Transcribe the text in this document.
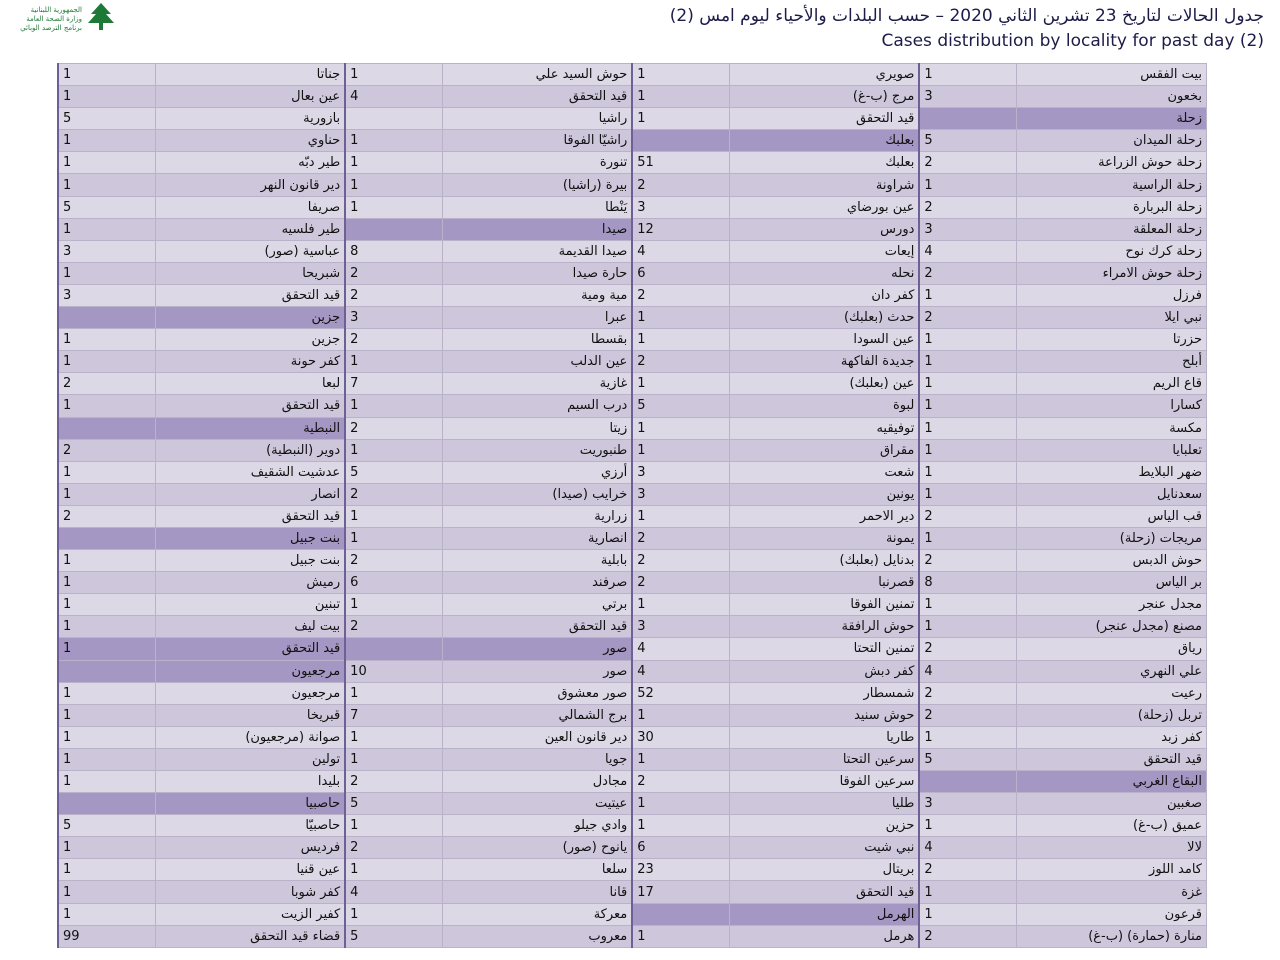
الجمهورية اللبنانية
وزارة الصحة العامة
برنامج الترصد الوبائي
جدول الحالات لتاريخ 23 تشرين الثاني 2020 – حسب البلدات والأحياء ليوم امس (2)
Cases distribution by locality for past day (2)
بيت الفقس	1	صويري	1	حوش السيد علي	1	جناتا	1
بخعون	3	مرج (ب-غ)	1	قيد التحقق	4	عين بعال	1
زحلة		قيد التحقق	1	راشيا		بازورية	5
زحلة الميدان	5	بعلبك		راشيّا الفوقا	1	حناوي	1
زحلة حوش الزراعة	2	بعلبك	51	تنورة	1	طير دبّه	1
زحلة الراسية	1	شراونة	2	بيرة (راشيا)	1	دير قانون النهر	1
زحلة البربارة	2	عين بورضاي	3	يَنْطا	1	صريفا	5
زحلة المعلقة	3	دورس	12	صيدا		طير فلسيه	1
زحلة كرك نوح	4	إيعات	4	صيدا القديمة	8	عباسية (صور)	3
زحلة حوش الامراء	2	نحله	6	حارة صيدا	2	شبريحا	1
فرزل	1	كفر دان	2	مية ومية	2	قيد التحقق	3
نبي ايلا	2	حدث (بعلبك)	1	عبرا	3	جزين	
حزرتا	1	عين السودا	1	بقسطا	2	جزين	1
أبلح	1	جديدة الفاكهة	2	عين الدلب	1	كفر حونة	1
قاع الريم	1	عين (بعلبك)	1	غازية	7	لبعا	2
كسارا	1	لبوة	5	درب السيم	1	قيد التحقق	1
مكسة	1	توفيقيه	1	زيتا	2	النبطية	
تعلبايا	1	مقراق	1	طنبوريت	1	دوير (النبطية)	2
ضهر البلايط	1	شعت	3	أرزي	5	عدشيت الشقيف	1
سعدنايل	1	يونين	3	خرايب (صيدا)	2	انصار	1
قب الياس	2	دير الاحمر	1	زرارية	1	قيد التحقق	2
مريجات (زحلة)	1	يمونة	2	انصارية	1	بنت جبيل	
حوش الدبس	2	بدنايل (بعلبك)	2	بابلية	2	بنت جبيل	1
بر الياس	8	قصرنبا	2	صرفند	6	رميش	1
مجدل عنجر	1	تمنين الفوقا	1	برتي	1	تبنين	1
مصنع (مجدل عنجر)	1	حوش الرافقة	3	قيد التحقق	2	بيت ليف	1
رياق	2	تمنين التحتا	4	صور		قيد التحقق	1
علي النهري	4	كفر دبش	4	صور	10	مرجعيون	
رعيت	2	شمسطار	52	صور معشوق	1	مرجعيون	1
تربل (زحلة)	2	حوش سنيد	1	برج الشمالي	7	قبريخا	1
كفر زبد	1	طاريا	30	دير قانون العين	1	صوانة (مرجعيون)	1
قيد التحقق	5	سرعين التحتا	1	جويا	1	تولين	1
البقاع الغربي		سرعين الفوقا	2	مجادل	2	بليدا	1
صغبين	3	طليا	1	عيتيت	5	حاصبيا	
عميق (ب-غ)	1	حزين	1	وادي جيلو	1	حاصبيّا	5
لالا	4	نبي شيت	6	يانوح (صور)	2	فرديس	1
كامد اللوز	2	بريتال	23	سلعا	1	عين قنيا	1
غزة	1	قيد التحقق	17	قانا	4	كفر شوبا	1
قرعون	1	الهرمل		معركة	1	كفير الزيت	1
منارة (حمارة) (ب-غ)	2	هرمل	1	معروب	5	قضاء قيد التحقق	99
